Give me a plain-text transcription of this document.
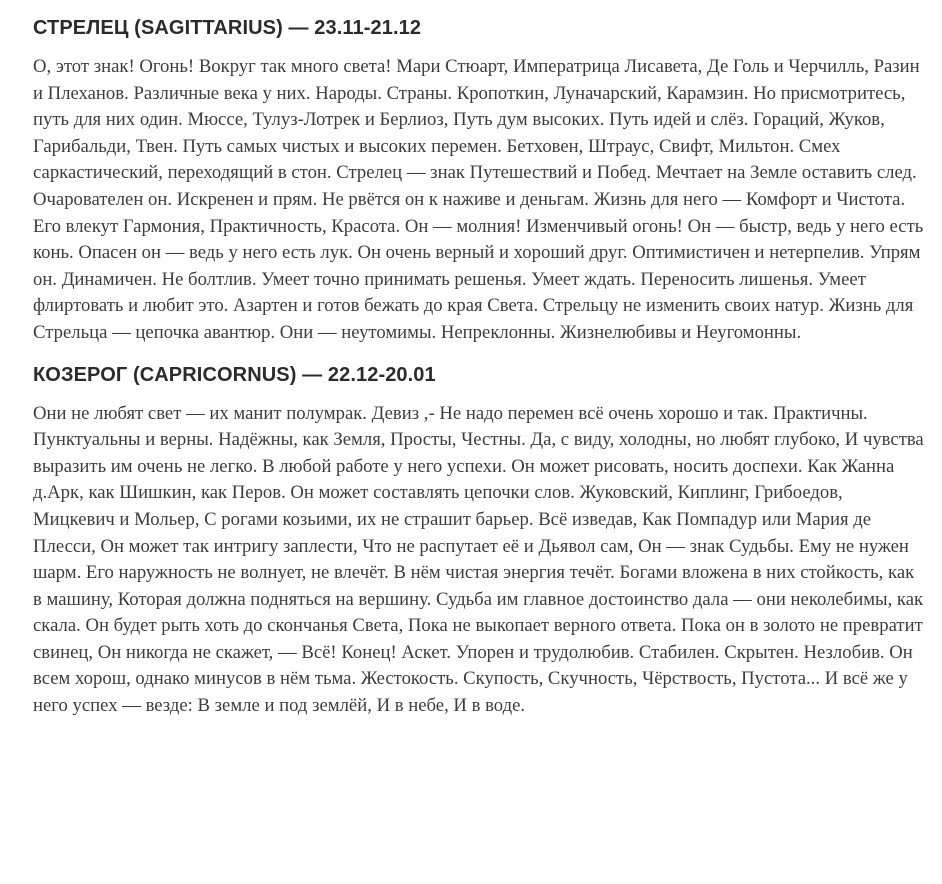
СТРЕЛЕЦ (SAGITTARIUS) — 23.11-21.12

О, этот знак! Огонь! Вокруг так много света! Мари Стюарт, Императрица Лисавета, Де Голь и Черчилль, Разин и Плеханов. Различные века у них. Народы. Страны. Кропоткин, Луначарский, Карамзин. Но присмотритесь, путь для них один. Мюссе, Тулуз-Лотрек и Берлиоз, Путь дум высоких. Путь идей и слёз. Гораций, Жуков, Гарибальди, Твен. Путь самых чистых и высоких перемен. Бетховен, Штраус, Свифт, Мильтон. Смех саркастический, переходящий в стон. Стрелец — знак Путешествий и Побед. Мечтает на Земле оставить след. Очарователен он. Искренен и прям. Не рвётся он к наживе и деньгам. Жизнь для него — Комфорт и Чистота. Его влекут Гармония, Практичность, Красота. Он — молния! Изменчивый огонь! Он — быстр, ведь у него есть конь. Опасен он — ведь у него есть лук. Он очень верный и хороший друг. Оптимистичен и нетерпелив. Упрям он. Динамичен. Не болтлив. Умеет точно принимать решенья. Умеет ждать. Переносить лишенья. Умеет флиртовать и любит это. Азартен и готов бежать до края Света. Стрельцу не изменить своих натур. Жизнь для Стрельца — цепочка авантюр. Они — неутомимы. Непреклонны. Жизнелюбивы и Неугомонны.

КОЗЕРОГ (CAPRICORNUS) — 22.12-20.01

Они не любят свет — их манит полумрак. Девиз ,- Не надо перемен всё очень хорошо и так. Практичны. Пунктуальны и верны. Надёжны, как Земля, Просты, Честны. Да, с виду, холодны, но любят глубоко, И чувства выразить им очень не легко. В любой работе у него успехи. Он может рисовать, носить доспехи. Как Жанна д.Арк, как Шишкин, как Перов. Он может составлять цепочки слов. Жуковский, Киплинг, Грибоедов, Мицкевич и Мольер, С рогами козьими, их не страшит барьер. Всё изведав, Как Помпадур или Мария де Плесси, Он может так интригу заплести, Что не распутает её и Дьявол сам, Он — знак Судьбы. Ему не нужен шарм. Его наружность не волнует, не влечёт. В нём чистая энергия течёт. Богами вложена в них стойкость, как в машину, Которая должна подняться на вершину. Судьба им главное достоинство дала — они неколебимы, как скала. Он будет рыть хоть до скончанья Света, Пока не выкопает верного ответа. Пока он в золото не превратит свинец, Он никогда не скажет, — Всё! Конец! Аскет. Упорен и трудолюбив. Стабилен. Скрытен. Незлобив. Он всем хорош, однако минусов в нём тьма. Жестокость. Скупость, Скучность, Чёрствость, Пустота... И всё же у него успех — везде: В земле и под землёй, И в небе, И в воде.
